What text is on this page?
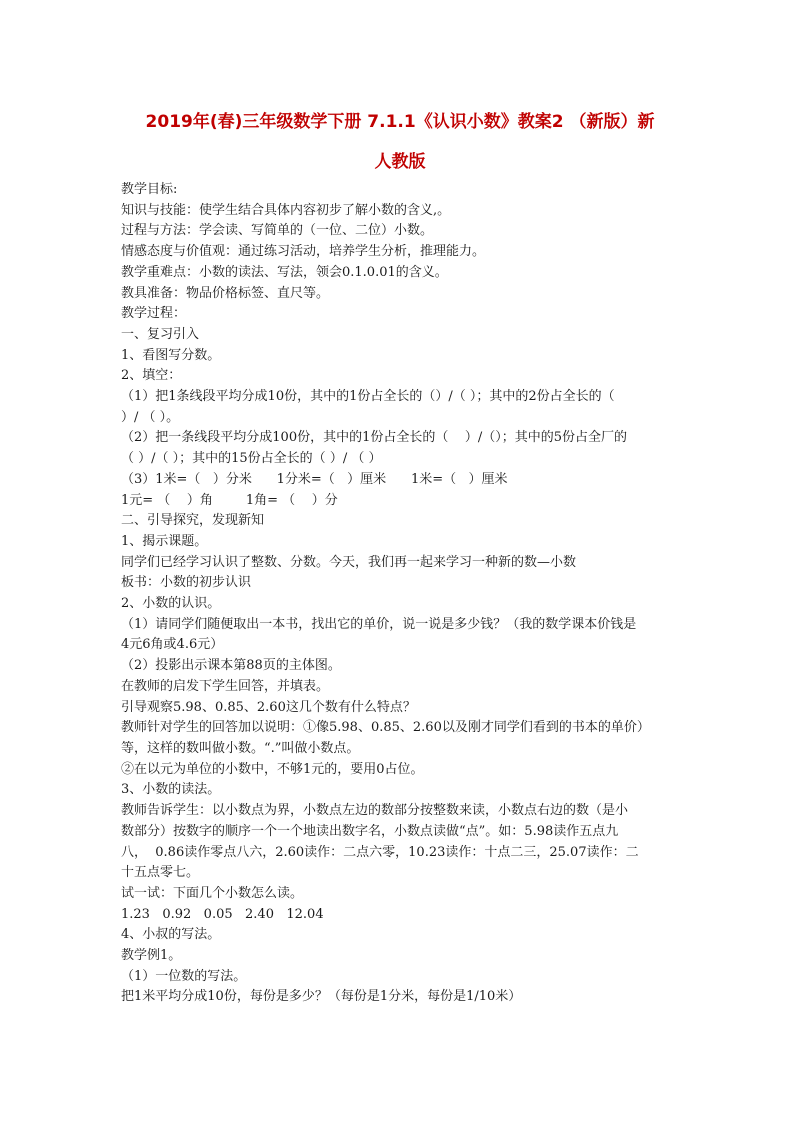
2019年(春)三年级数学下册 7.1.1《认识小数》教案2 （新版）新
人教版

教学目标:

知识与技能：使学生结合具体内容初步了解小数的含义,。

过程与方法：学会读、写简单的（一位、二位）小数。

情感态度与价值观：通过练习活动，培养学生分析，推理能力。

教学重难点：小数的读法、写法，领会0.1.0.01的含义。

教具准备：物品价格标签、直尺等。

教学过程：

一、复习引入

1、看图写分数。

2、填空：

（1）把1条线段平均分成10份，其中的1份占全长的（）/（ ）；其中的2份占全长的（

）/ （ ）。

（2）把一条线段平均分成100份，其中的1份占全长的（    ）/（）；其中的5份占全厂的

（ ）/（ ）；其中的15份占全长的（ ）/ （ ）

（3）1米=（   ）分米      1分米=（   ）厘米      1米=（   ）厘米

1元= （    ）角        1角= （    ）分

二、引导探究，发现新知

1、揭示课题。

同学们已经学习认识了整数、分数。今天，我们再一起来学习一种新的数—小数

板书：小数的初步认识

2、小数的认识。

（1）请同学们随便取出一本书，找出它的单价，说一说是多少钱？（我的数学课本价钱是

4元6角或4.6元）

（2）投影出示课本第88页的主体图。

在教师的启发下学生回答，并填表。

引导观察5.98、0.85、2.60这几个数有什么特点？

教师针对学生的回答加以说明：①像5.98、0.85、2.60以及刚才同学们看到的书本的单价）

等，这样的数叫做小数。“.”叫做小数点。

②在以元为单位的小数中，不够1元的，要用0占位。

3、小数的读法。

教师告诉学生：以小数点为界，小数点左边的数部分按整数来读，小数点右边的数（是小

数部分）按数字的顺序一个一个地读出数字名，小数点读做“点”。如：5.98读作五点九

八，  0.86读作零点八六，2.60读作：二点六零，10.23读作：十点二三，25.07读作：二

十五点零七。

试一试：下面几个小数怎么读。

1.23   0.92   0.05   2.40   12.04

4、小叔的写法。

教学例1。

（1）一位数的写法。

把1米平均分成10份，每份是多少？（每份是1分米，每份是1/10米）
